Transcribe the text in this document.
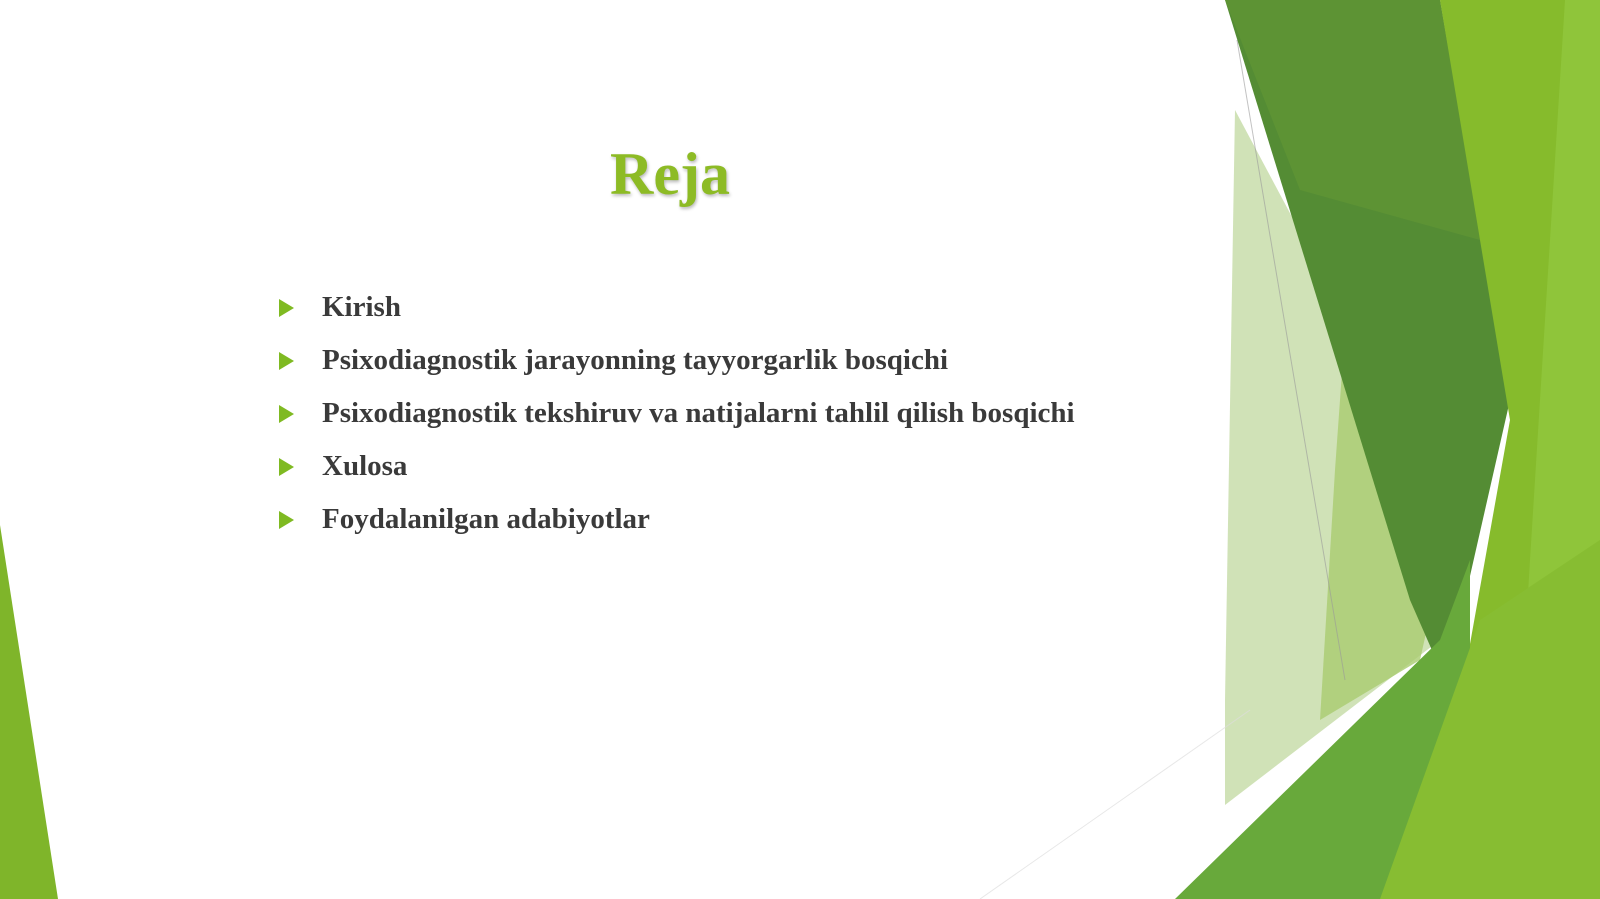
Reja
Kirish
Psixodiagnostik jarayonning tayyorgarlik bosqichi
Psixodiagnostik tekshiruv va natijalarni tahlil qilish bosqichi
Xulosa
Foydalanilgan adabiyotlar
